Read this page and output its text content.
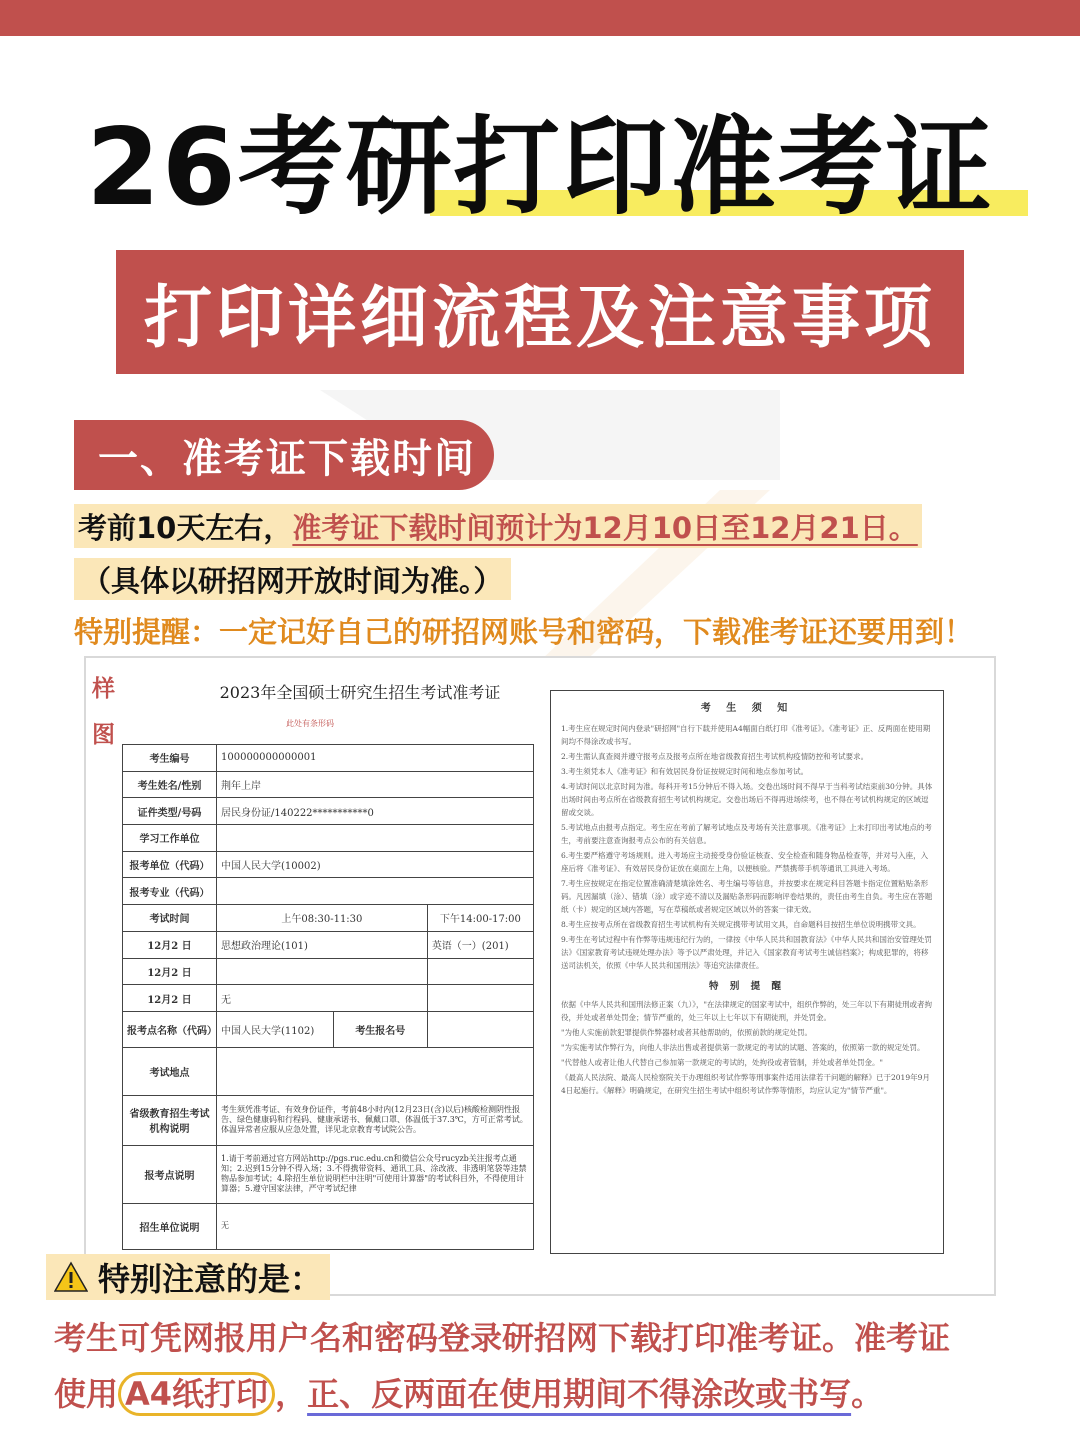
26考研打印准考证
打印详细流程及注意事项
一、准考证下载时间
考前10天左右， 准考证下载时间预计为12月10日至12月21日。
（具体以研招网开放时间为准。）
特别提醒：一定记好自己的研招网账号和密码，下载准考证还要用到！
样图
2023年全国硕士研究生招生考试准考证
此处有条形码
考生编号	100000000000001		
考生姓名/性别	荆年上岸		
证件类型/号码	居民身份证/140222***********0		
学习工作单位			
报考单位（代码）	中国人民大学(10002)		
报考专业（代码）			
考试时间	上午08:30-11:30		下午14:00-17:00
12月2 日	思想政治理论(101)		英语（一）(201)
12月2 日			
12月2 日	无		
报考点名称（代码）	中国人民大学(1102)	考生报名号	
考试地点			
省级教育招生考试机构说明	考生须凭准考证、有效身份证件，考前48小时内(12月23日(含)以后)核酸检测阴性报告、绿色健康码和行程码、健康承诺书、佩戴口罩、体温低于37.3℃，方可正常考试。体温异常者应服从应急处置，详见北京教育考试院公告。		
报考点说明	1.请于考前通过官方网站http://pgs.ruc.edu.cn和微信公众号rucyzb关注报考点通知；2.迟到15分钟不得入场；3.不得携带资料、通讯工具、涂改液、非透明笔袋等违禁物品参加考试；4.除招生单位说明栏中注明"可使用计算器"的考试科目外，不得使用计算器；5.遵守国家法律，严守考试纪律		
招生单位说明	无		
考 生 须 知

1.考生应在规定时间内登录"研招网"自行下载并使用A4幅面白纸打印《准考证》。《准考证》正、反两面在使用期间均不得涂改或书写。

2.考生需认真查阅并遵守报考点及报考点所在地省级教育招生考试机构疫情防控和考试要求。

3.考生须凭本人《准考证》和有效居民身份证按规定时间和地点参加考试。

4.考试时间以北京时间为准。每科开考15分钟后不得入场。交卷出场时间不得早于当科考试结束前30分钟。具体出场时间由考点所在省级教育招生考试机构规定。交卷出场后不得再进场续考，也不得在考试机构规定的区域逗留或交谈。

5.考试地点由报考点指定。考生应在考前了解考试地点及考场有关注意事项。《准考证》上未打印出考试地点的考生，考前要注意查询报考点公布的有关信息。

6.考生要严格遵守考场规则。进入考场应主动接受身份验证核查、安全检查和随身物品检查等，并对号入座，入座后将《准考证》、有效居民身份证放在桌面左上角，以便核验。严禁携带手机等通讯工具进入考场。

7.考生应按规定在指定位置准确清楚填涂姓名、考生编号等信息，并按要求在规定科目答题卡指定位置粘贴条形码。凡因漏填（涂）、错填（涂）或字迹不清以及漏贴条形码而影响评卷结果的，责任由考生自负。考生应在答题纸（卡）规定的区域内答题，写在草稿纸或者规定区域以外的答案一律无效。

8.考生应按考点所在省级教育招生考试机构有关规定携带考试用文具，自命题科目按招生单位说明携带文具。

9.考生在考试过程中有作弊等违规违纪行为的，一律按《中华人民共和国教育法》《中华人民共和国治安管理处罚法》《国家教育考试违规处理办法》等予以严肃处理，并记入《国家教育考试考生诚信档案》；构成犯罪的，将移送司法机关，依照《中华人民共和国刑法》等追究法律责任。

特 别 提 醒

依据《中华人民共和国刑法修正案（九）》，"在法律规定的国家考试中，组织作弊的，处三年以下有期徒刑或者拘役，并处或者单处罚金；情节严重的，处三年以上七年以下有期徒刑，并处罚金。

"为他人实施前款犯罪提供作弊器材或者其他帮助的，依照前款的规定处罚。

"为实施考试作弊行为，向他人非法出售或者提供第一款规定的考试的试题、答案的，依照第一款的规定处罚。

"代替他人或者让他人代替自己参加第一款规定的考试的，处拘役或者管制，并处或者单处罚金。"

《最高人民法院、最高人民检察院关于办理组织考试作弊等刑事案件适用法律若干问题的解释》已于2019年9月4日起施行。《解释》明确规定，在研究生招生考试中组织考试作弊等情形，均应认定为"情节严重"。

特别注意的是：
考生可凭网报用户名和密码登录研招网下载打印准考证。准考证
使用 A4纸打印 ，正、反两面在使用期间不得涂改或书写。
